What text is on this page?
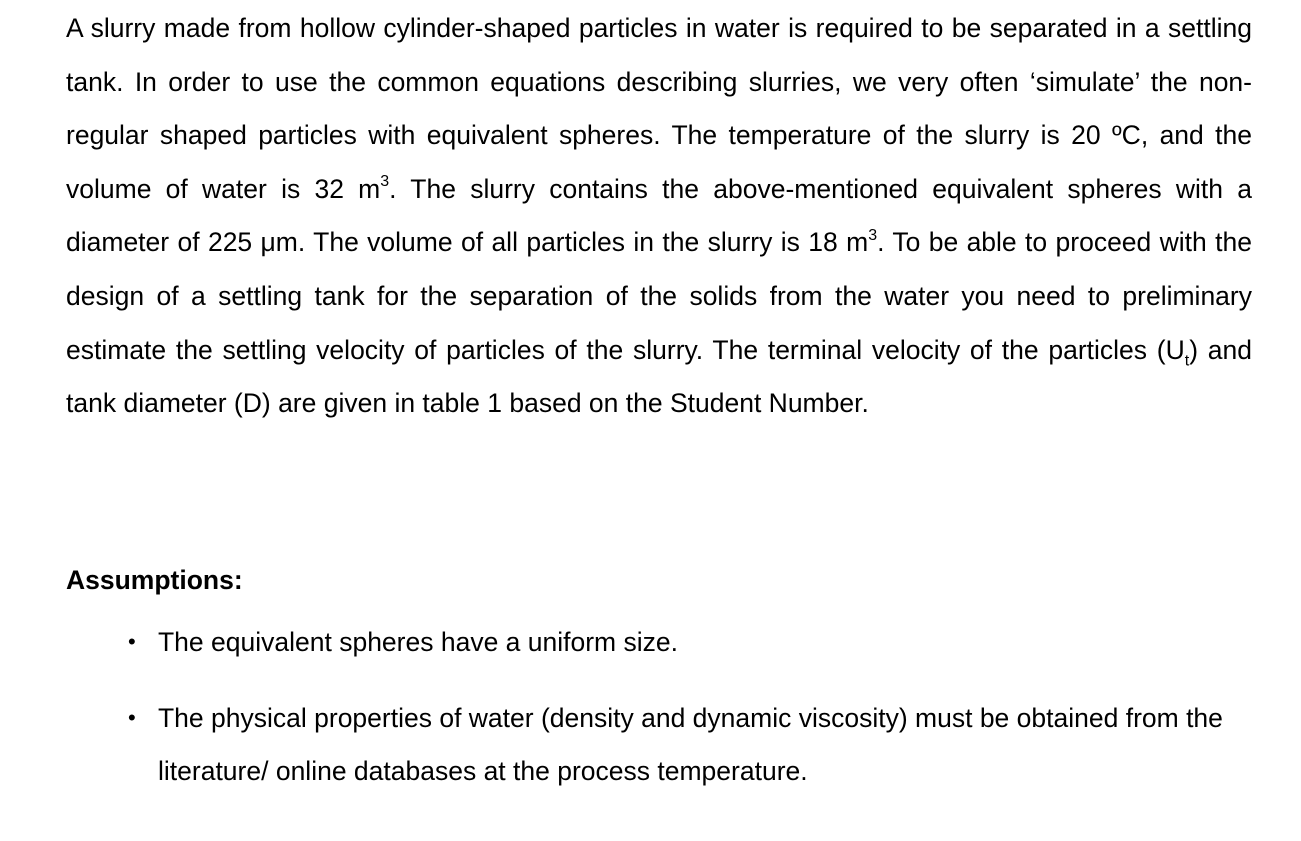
A slurry made from hollow cylinder-shaped particles in water is required to be separated in a settling tank. In order to use the common equations describing slurries, we very often ‘simulate’ the non-regular shaped particles with equivalent spheres. The temperature of the slurry is 20 ºC, and the volume of water is 32 $m^3$. The slurry contains the above-mentioned equivalent spheres with a diameter of 225 μm. The volume of all particles in the slurry is 18 $m^3$. To be able to proceed with the design of a settling tank for the separation of the solids from the water you need to preliminary estimate the settling velocity of particles of the slurry. The terminal velocity of the particles $(U_t)$ and tank diameter (D) are given in table 1 based on the Student Number.

Assumptions:
• The equivalent spheres have a uniform size.
• The physical properties of water (density and dynamic viscosity) must be obtained from the literature/ online databases at the process temperature.
